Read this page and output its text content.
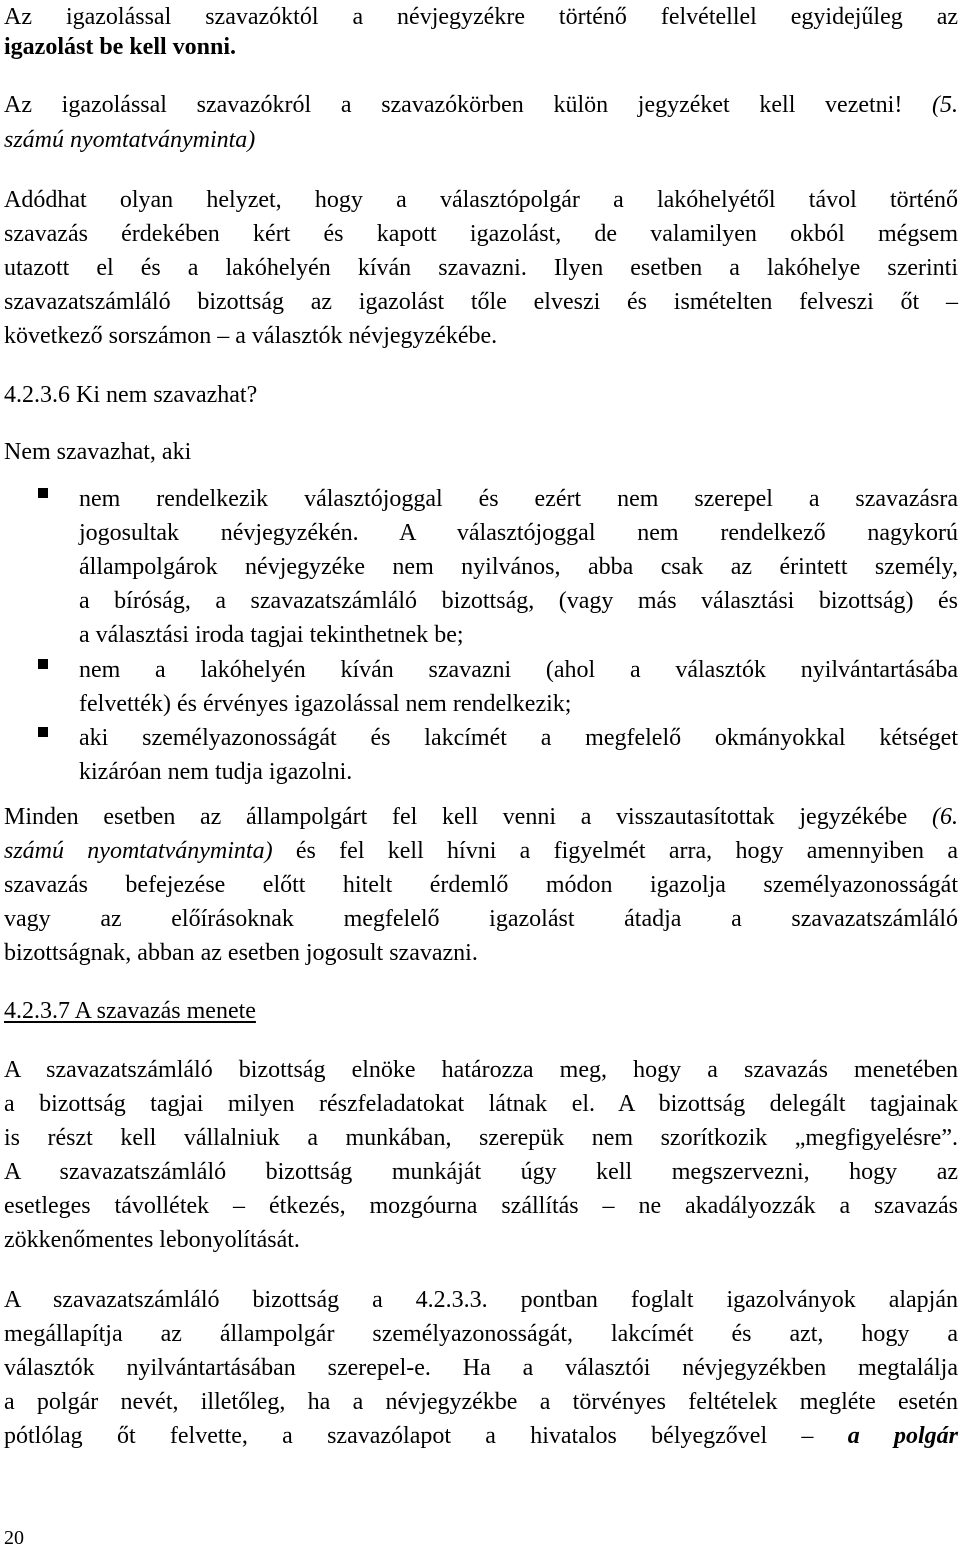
Az igazolással szavazóktól a névjegyzékre történő felvétellel egyidejűleg az
igazolást be kell vonni.
Az igazolással szavazókról a szavazókörben külön jegyzéket kell vezetni! (5.
számú nyomtatványminta)
Adódhat olyan helyzet, hogy a választópolgár a lakóhelyétől távol történő
szavazás érdekében kért és kapott igazolást, de valamilyen okból mégsem
utazott el és a lakóhelyén kíván szavazni. Ilyen esetben a lakóhelye szerinti
szavazatszámláló bizottság az igazolást tőle elveszi és ismételten felveszi őt –
következő sorszámon – a választók névjegyzékébe.
4.2.3.6 Ki nem szavazhat?
Nem szavazhat, aki
nem rendelkezik választójoggal és ezért nem szerepel a szavazásra
jogosultak névjegyzékén. A választójoggal nem rendelkező nagykorú
állampolgárok névjegyzéke nem nyilvános, abba csak az érintett személy,
a bíróság, a szavazatszámláló bizottság, (vagy más választási bizottság) és
a választási iroda tagjai tekinthetnek be;
nem a lakóhelyén kíván szavazni (ahol a választók nyilvántartásába
felvették) és érvényes igazolással nem rendelkezik;
aki személyazonosságát és lakcímét a megfelelő okmányokkal kétséget
kizáróan nem tudja igazolni.
Minden esetben az állampolgárt fel kell venni a visszautasítottak jegyzékébe (6.
számú nyomtatványminta) és fel kell hívni a figyelmét arra, hogy amennyiben a
szavazás befejezése előtt hitelt érdemlő módon igazolja személyazonosságát
vagy az előírásoknak megfelelő igazolást átadja a szavazatszámláló
bizottságnak, abban az esetben jogosult szavazni.
4.2.3.7 A szavazás menete
A szavazatszámláló bizottság elnöke határozza meg, hogy a szavazás menetében
a bizottság tagjai milyen részfeladatokat látnak el. A bizottság delegált tagjainak
is részt kell vállalniuk a munkában, szerepük nem szorítkozik „megfigyelésre”.
A szavazatszámláló bizottság munkáját úgy kell megszervezni, hogy az
esetleges távollétek – étkezés, mozgóurna szállítás – ne akadályozzák a szavazás
zökkenőmentes lebonyolítását.
A szavazatszámláló bizottság a 4.2.3.3. pontban foglalt igazolványok alapján
megállapítja az állampolgár személyazonosságát, lakcímét és azt, hogy a
választók nyilvántartásában szerepel-e. Ha a választói névjegyzékben megtalálja
a polgár nevét, illetőleg, ha a névjegyzékbe a törvényes feltételek megléte esetén
pótlólag őt felvette, a szavazólapot a hivatalos bélyegzővel – a polgár
20
